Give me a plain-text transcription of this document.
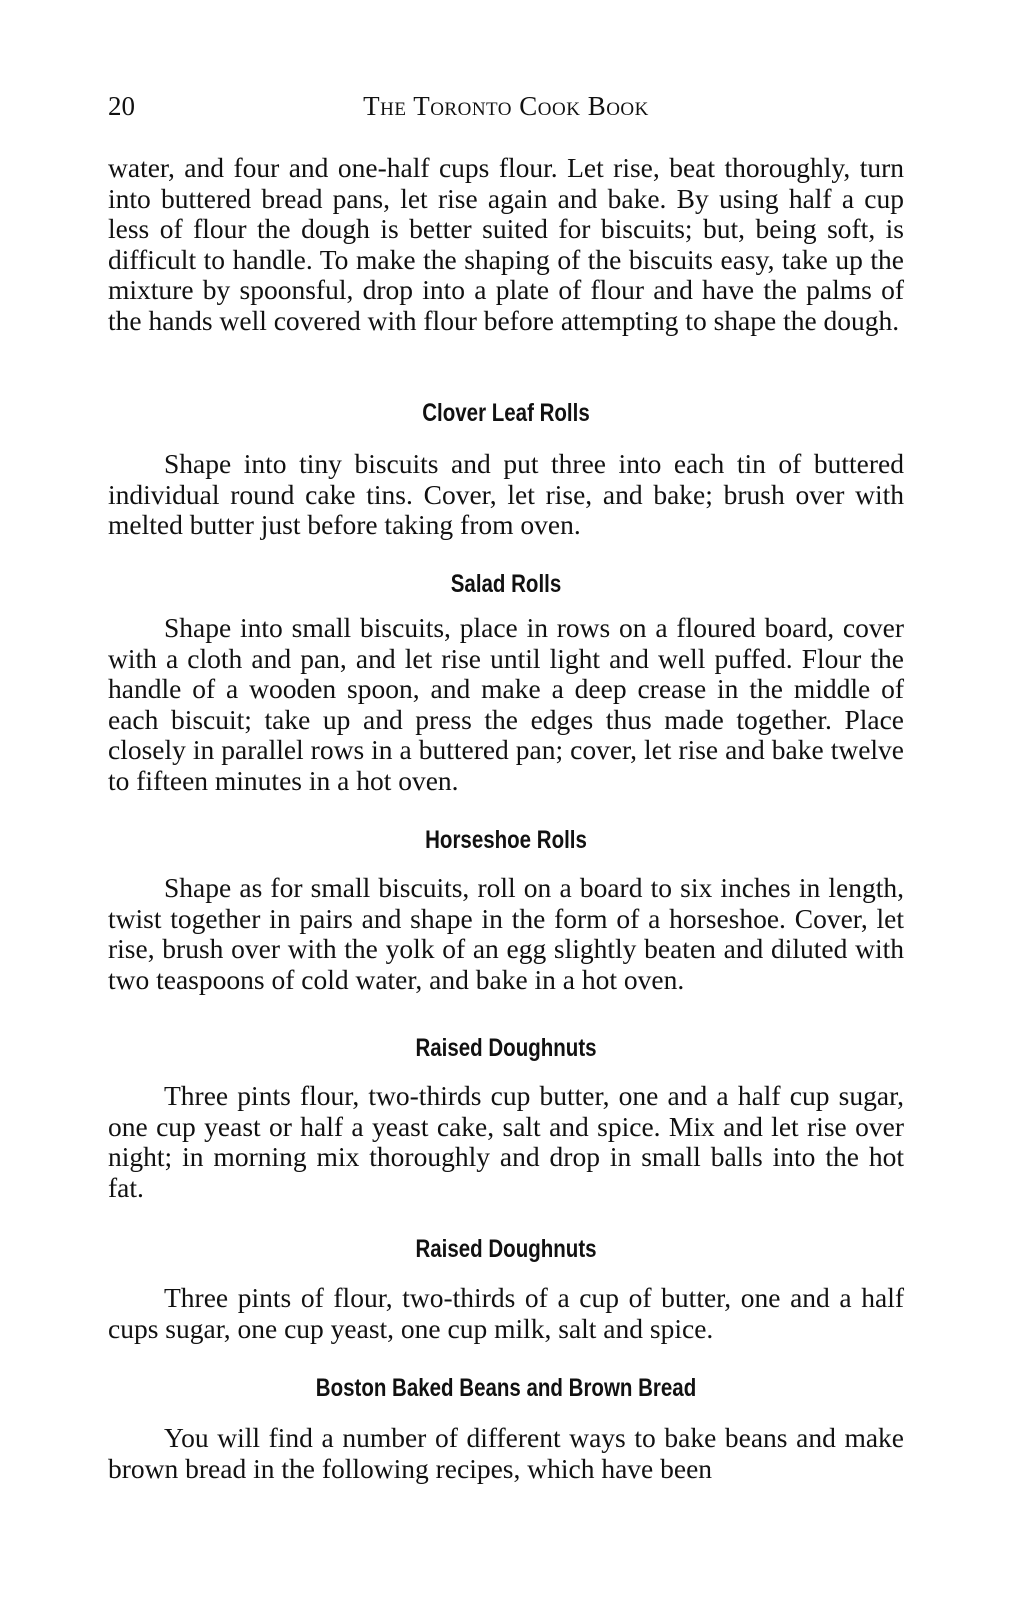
20	The Toronto Cook Book

water, and four and one-half cups flour. Let rise, beat thoroughly, turn into buttered bread pans, let rise again and bake. By using half a cup less of flour the dough is better suited for biscuits; but, being soft, is difficult to handle. To make the shaping of the biscuits easy, take up the mixture by spoonsful, drop into a plate of flour and have the palms of the hands well covered with flour before attempting to shape the dough.

Clover Leaf Rolls

Shape into tiny biscuits and put three into each tin of buttered individual round cake tins. Cover, let rise, and bake; brush over with melted butter just before taking from oven.

Salad Rolls

Shape into small biscuits, place in rows on a floured board, cover with a cloth and pan, and let rise until light and well puffed. Flour the handle of a wooden spoon, and make a deep crease in the middle of each biscuit; take up and press the edges thus made together. Place closely in parallel rows in a buttered pan; cover, let rise and bake twelve to fifteen minutes in a hot oven.

Horseshoe Rolls

Shape as for small biscuits, roll on a board to six inches in length, twist together in pairs and shape in the form of a horseshoe. Cover, let rise, brush over with the yolk of an egg slightly beaten and diluted with two teaspoons of cold water, and bake in a hot oven.

Raised Doughnuts

Three pints flour, two-thirds cup butter, one and a half cup sugar, one cup yeast or half a yeast cake, salt and spice. Mix and let rise over night; in morning mix thoroughly and drop in small balls into the hot fat.

Raised Doughnuts

Three pints of flour, two-thirds of a cup of butter, one and a half cups sugar, one cup yeast, one cup milk, salt and spice.

Boston Baked Beans and Brown Bread

You will find a number of different ways to bake beans and make brown bread in the following recipes, which have been
